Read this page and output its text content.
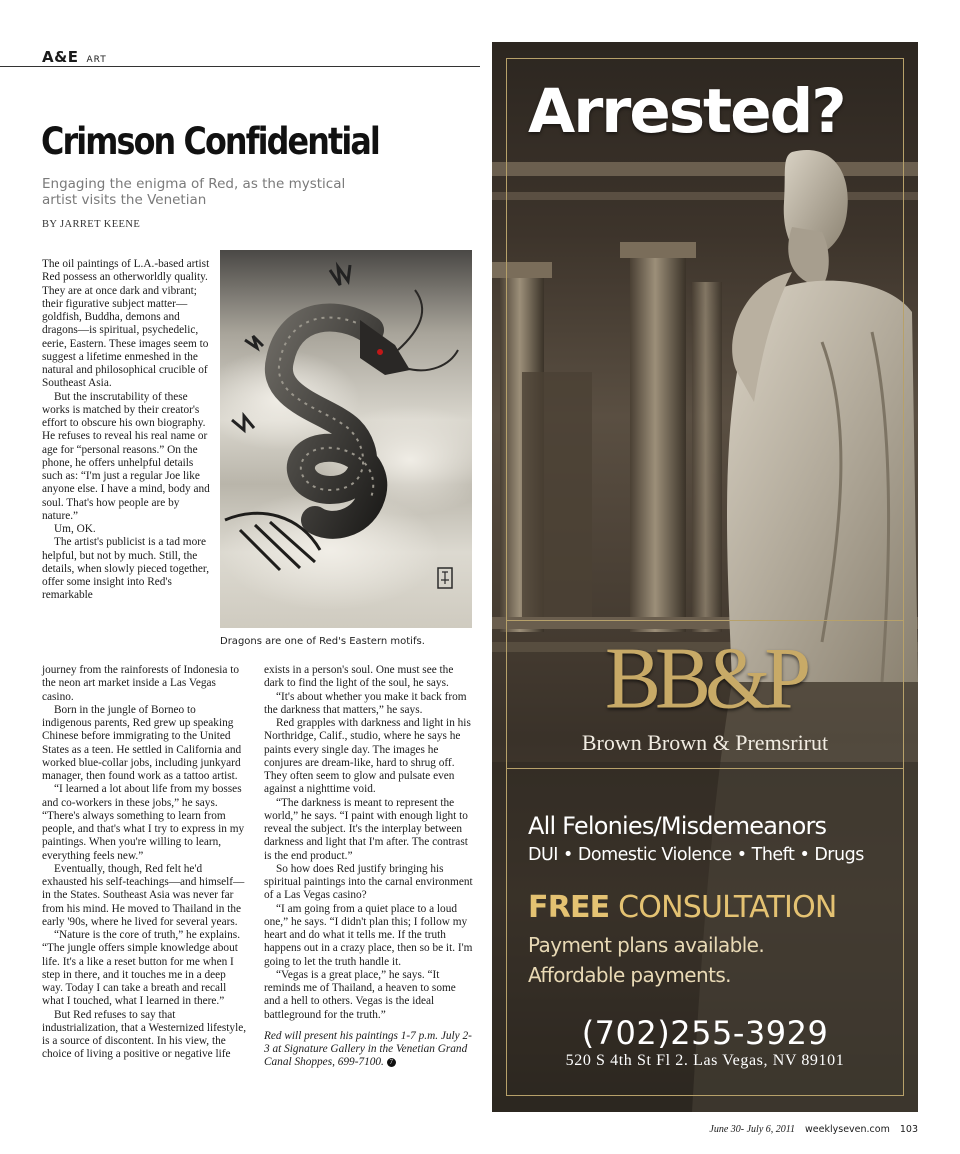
A&E ART
Crimson Confidential
Engaging the enigma of Red, as the mystical artist visits the Venetian
BY JARRET KEENE
Dragons are one of Red's Eastern motifs.

The oil paintings of L.A.-based artist Red possess an otherworldly quality. They are at once dark and vibrant; their figurative subject matter—goldfish, Buddha, demons and dragons—is spiritual, psychedelic, eerie, Eastern. These images seem to suggest a lifetime enmeshed in the natural and philosophical crucible of Southeast Asia.

But the inscrutability of these works is matched by their creator's effort to obscure his own biography. He refuses to reveal his real name or age for “personal reasons.” On the phone, he offers unhelpful details such as: “I'm just a regular Joe like anyone else. I have a mind, body and soul. That's how people are by nature.”

Um, OK.

The artist's publicist is a tad more helpful, but not by much. Still, the details, when slowly pieced together, offer some insight into Red's remarkable

journey from the rainforests of Indonesia to the neon art market inside a Las Vegas casino.

Born in the jungle of Borneo to indigenous parents, Red grew up speaking Chinese before immigrating to the United States as a teen. He settled in California and worked blue-collar jobs, including junkyard manager, then found work as a tattoo artist.

“I learned a lot about life from my bosses and co-workers in these jobs,” he says. “There's always something to learn from people, and that's what I try to express in my paintings. When you're willing to learn, everything feels new.”

Eventually, though, Red felt he'd exhausted his self-teachings—and himself—in the States. Southeast Asia was never far from his mind. He moved to Thailand in the early '90s, where he lived for several years.

“Nature is the core of truth,” he explains. “The jungle offers simple knowledge about life. It's a like a reset button for me when I step in there, and it touches me in a deep way. Today I can take a breath and recall what I touched, what I learned in there.”

But Red refuses to say that industrialization, that a Westernized lifestyle, is a source of discontent. In his view, the choice of living a positive or negative life

exists in a person's soul. One must see the dark to find the light of the soul, he says.

“It's about whether you make it back from the darkness that matters,” he says.

Red grapples with darkness and light in his Northridge, Calif., studio, where he says he paints every single day. The images he conjures are dream-like, hard to shrug off. They often seem to glow and pulsate even against a nighttime void.

“The darkness is meant to represent the world,” he says. “I paint with enough light to reveal the subject. It's the interplay between darkness and light that I'm after. The contrast is the end product.”

So how does Red justify bringing his spiritual paintings into the carnal environment of a Las Vegas casino?

“I am going from a quiet place to a loud one,” he says. “I didn't plan this; I follow my heart and do what it tells me. If the truth happens out in a crazy place, then so be it. I'm going to let the truth handle it.

“Vegas is a great place,” he says. “It reminds me of Thailand, a heaven to some and a hell to others. Vegas is the ideal battleground for the truth.”

Red will present his paintings 1-7 p.m. July 2-3 at Signature Gallery in the Venetian Grand Canal Shoppes, 699-7100. 7

June 30- July 6, 2011 weeklyseven.com 103
Arrested?
BB&P
Brown Brown & Premsrirut
All Felonies/Misdemeanors
DUI • Domestic Violence • Theft • Drugs
FREE CONSULTATION
Payment plans available.
Affordable payments.
(702)255-3929
520 S 4th St Fl 2. Las Vegas, NV 89101
